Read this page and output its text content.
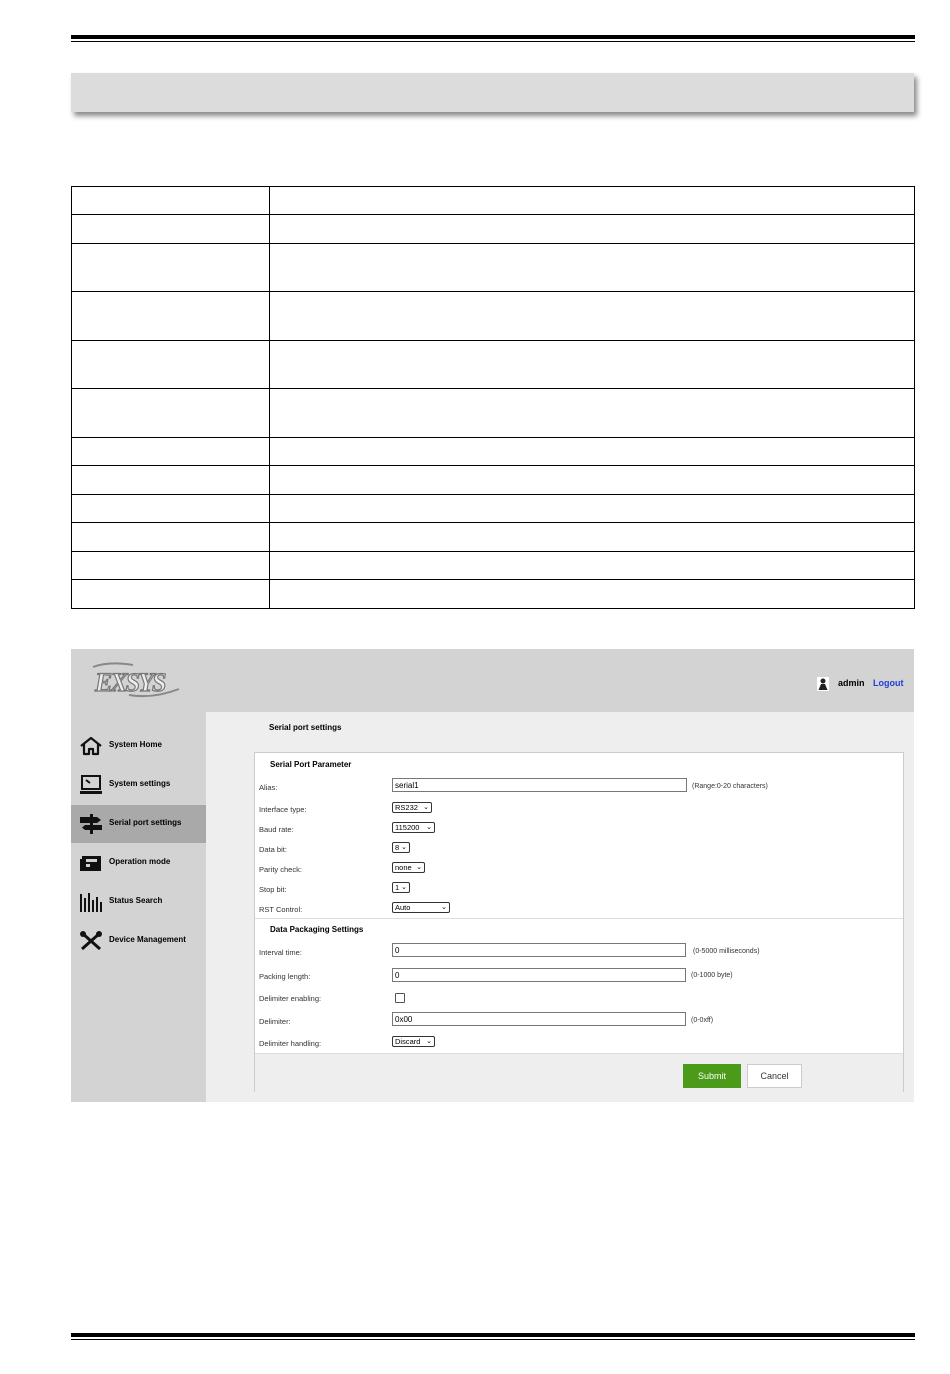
EXSYS	admin Logout
System Home
System settings
Serial port settings
Operation mode
Status Search
Device Management
Serial port settings
Serial Port Parameter
Alias:	serial1	(Range:0-20 characters)
Interface type:	RS232 ⌄
Baud rate:	115200 ⌄
Data bit:	8 ⌄
Parity check:	none ⌄
Stop bit:	1 ⌄
RST Control:	Auto	⌄
Data Packaging Settings
Interval time:	0	(0-5000 milliseconds)
Packing length:	0	(0-1000 byte)
Delimiter enabling:
Delimiter:	0x00	(0-0xff)
Delimiter handling:	Discard ⌄
Submit	Cancel
